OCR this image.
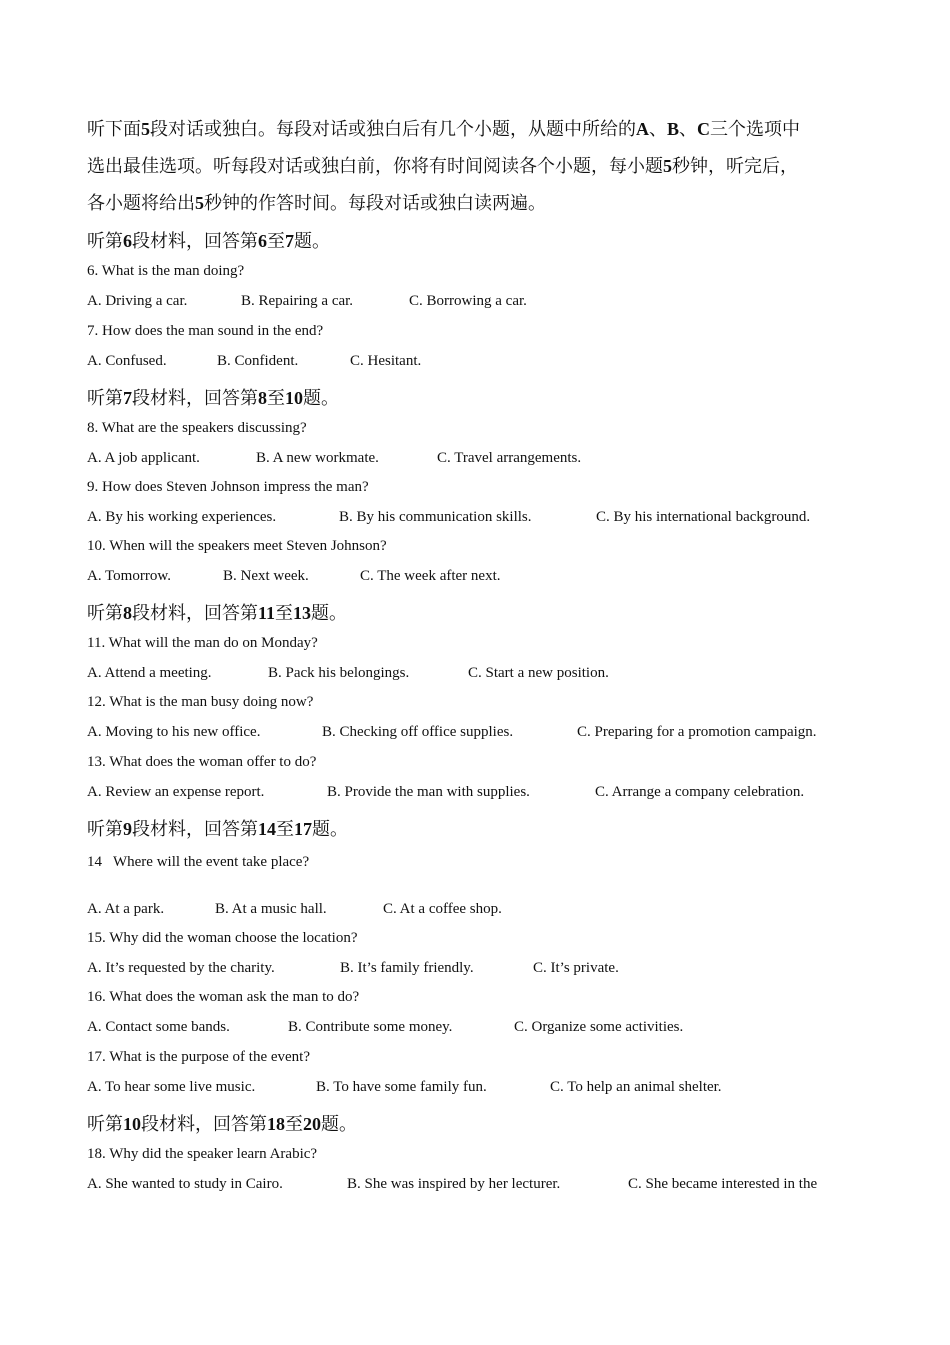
听下面5段对话或独白。每段对话或独白后有几个小题，从题中所给的A、B、C三个选项中
选出最佳选项。听每段对话或独白前，你将有时间阅读各个小题，每小题5秒钟，听完后，
各小题将给出5秒钟的作答时间。每段对话或独白读两遍。
听第6段材料，回答第6至7题。
6. What is the man doing?
A. Driving a car.	B. Repairing a car.	C. Borrowing a car.
7. How does the man sound in the end?
A. Confused.	B. Confident.	C. Hesitant.
听第7段材料，回答第8至10题。
8. What are the speakers discussing?
A. A job applicant.	B. A new workmate.	C. Travel arrangements.
9. How does Steven Johnson impress the man?
A. By his working experiences.	B. By his communication skills.	C. By his international background.
10. When will the speakers meet Steven Johnson?
A. Tomorrow.	B. Next week.	C. The week after next.
听第8段材料，回答第11至13题。
11. What will the man do on Monday?
A. Attend a meeting.	B. Pack his belongings.	C. Start a new position.
12. What is the man busy doing now?
A. Moving to his new office.	B. Checking off office supplies.	C. Preparing for a promotion campaign.
13. What does the woman offer to do?
A. Review an expense report.	B. Provide the man with supplies.	C. Arrange a company celebration.
听第9段材料，回答第14至17题。
14   Where will the event take place?
A. At a park.	B. At a music hall.	C. At a coffee shop.
15. Why did the woman choose the location?
A. It’s requested by the charity.	B. It’s family friendly.	C. It’s private.
16. What does the woman ask the man to do?
A. Contact some bands.	B. Contribute some money.	C. Organize some activities.
17. What is the purpose of the event?
A. To hear some live music.	B. To have some family fun.	C. To help an animal shelter.
听第10段材料，回答第18至20题。
18. Why did the speaker learn Arabic?
A. She wanted to study in Cairo.	B. She was inspired by her lecturer.	C. She became interested in the
